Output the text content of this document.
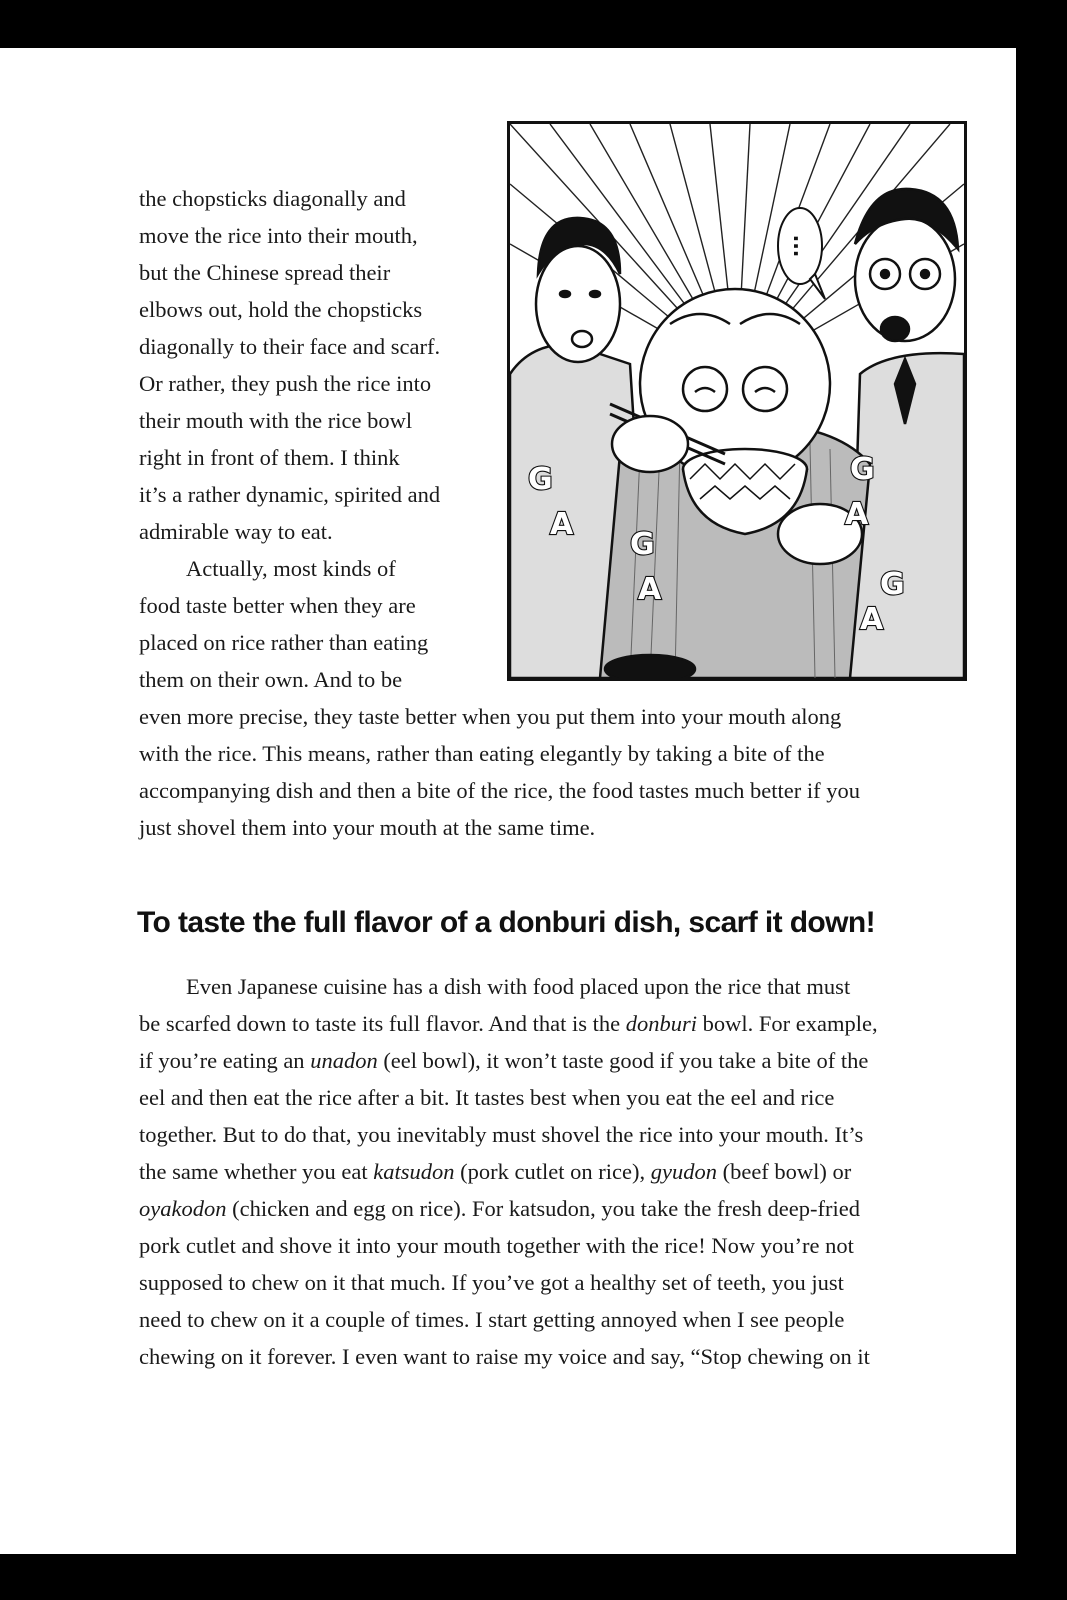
...
G
A
G
A
G
A
G
A
the chopsticks diagonally and
move the rice into their mouth,
but the Chinese spread their
elbows out, hold the chopsticks
diagonally to their face and scarf.
Or rather, they push the rice into
their mouth with the rice bowl
right in front of them. I think
it’s a rather dynamic, spirited and
admirable way to eat.
Actually, most kinds of
food taste better when they are
placed on rice rather than eating
them on their own. And to be
even more precise, they taste better when you put them into your mouth along
with the rice. This means, rather than eating elegantly by taking a bite of the
accompanying dish and then a bite of the rice, the food tastes much better if you
just shovel them into your mouth at the same time.
To taste the full flavor of a donburi dish, scarf it down!
Even Japanese cuisine has a dish with food placed upon the rice that must
be scarfed down to taste its full flavor. And that is the donburi bowl. For example,
if you’re eating an unadon (eel bowl), it won’t taste good if you take a bite of the
eel and then eat the rice after a bit. It tastes best when you eat the eel and rice
together. But to do that, you inevitably must shovel the rice into your mouth. It’s
the same whether you eat katsudon (pork cutlet on rice), gyudon (beef bowl) or
oyakodon (chicken and egg on rice). For katsudon, you take the fresh deep-fried
pork cutlet and shove it into your mouth together with the rice! Now you’re not
supposed to chew on it that much. If you’ve got a healthy set of teeth, you just
need to chew on it a couple of times. I start getting annoyed when I see people
chewing on it forever. I even want to raise my voice and say, “Stop chewing on it
